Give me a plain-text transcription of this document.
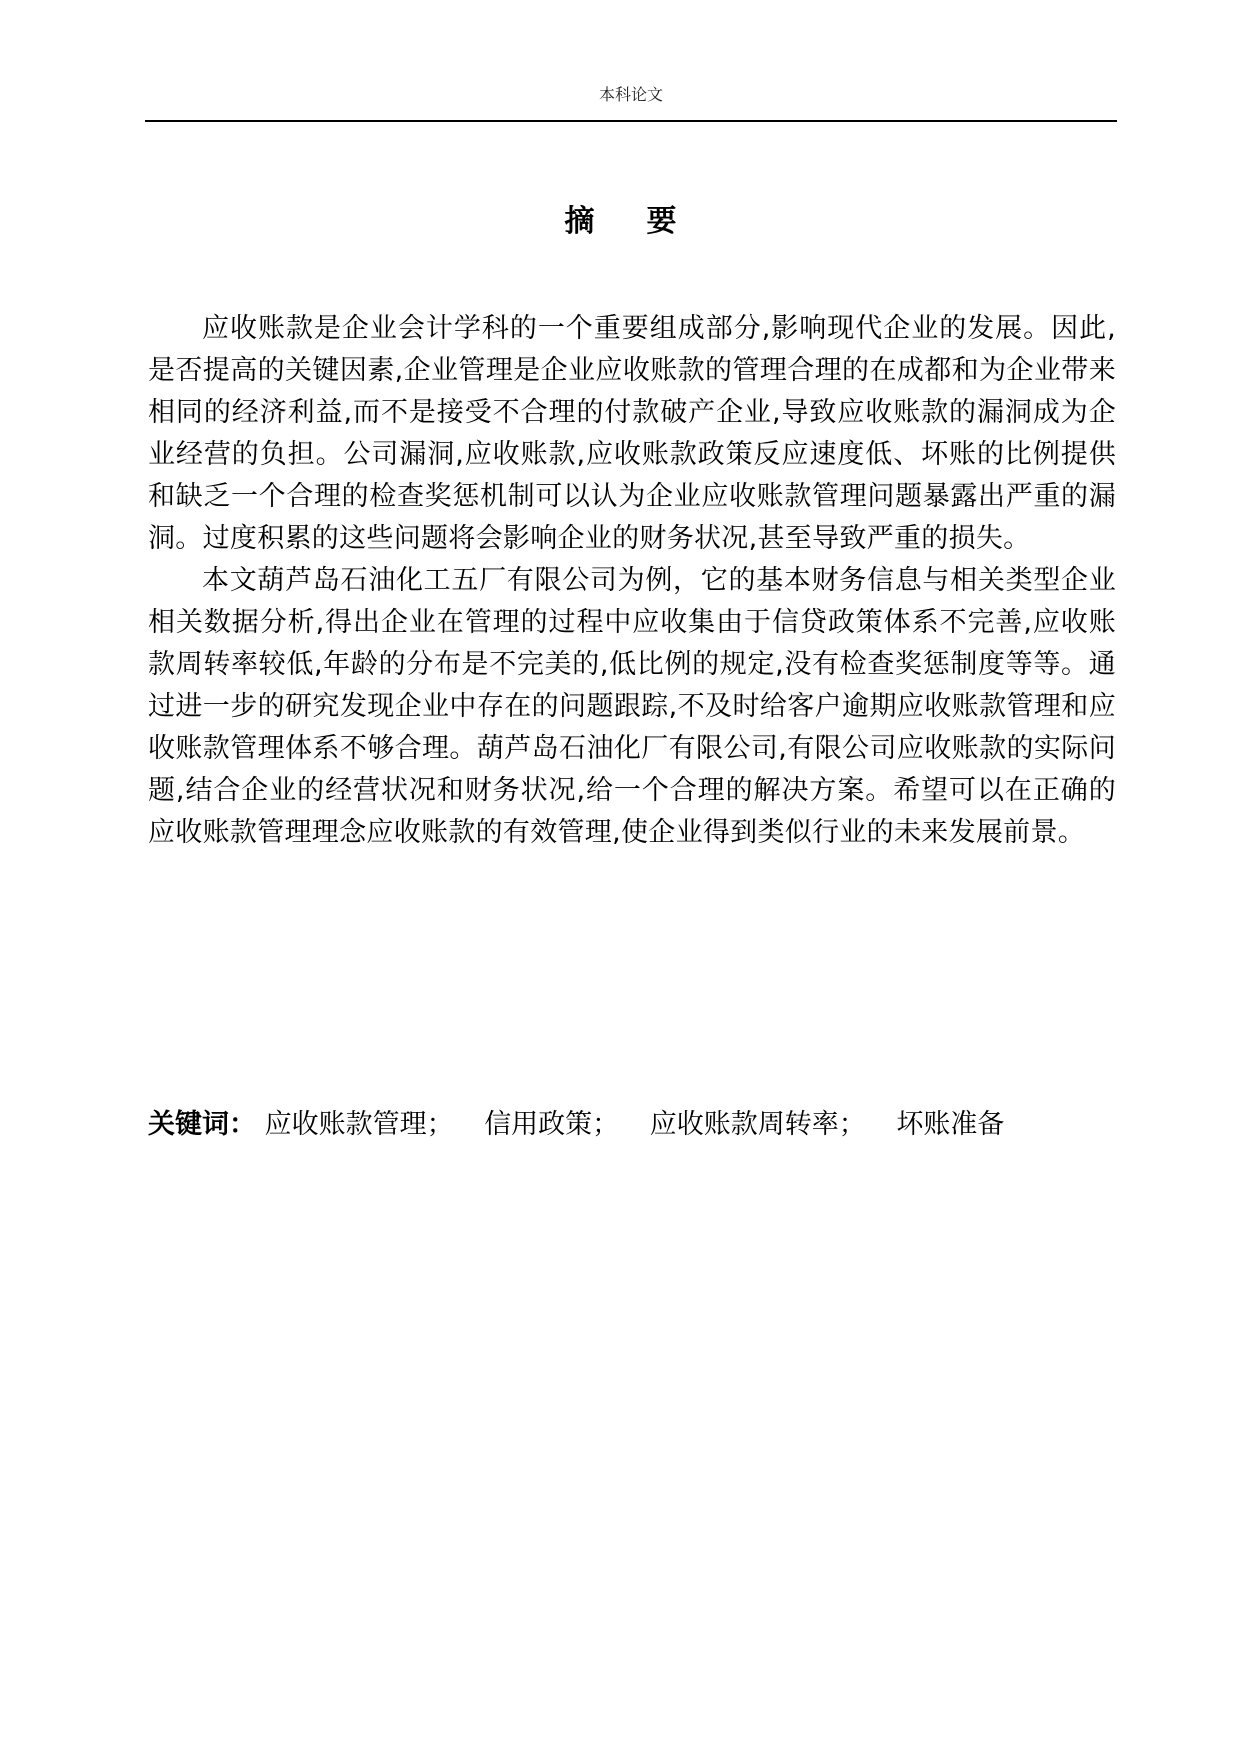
本科论文
摘要

应收账款是企业会计学科的一个重要组成部分,影响现代企业的发展。因此,是否提高的关键因素,企业管理是企业应收账款的管理合理的在成都和为企业带来相同的经济利益,而不是接受不合理的付款破产企业,导致应收账款的漏洞成为企业经营的负担。公司漏洞,应收账款,应收账款政策反应速度低、坏账的比例提供和缺乏一个合理的检查奖惩机制可以认为企业应收账款管理问题暴露出严重的漏洞。过度积累的这些问题将会影响企业的财务状况,甚至导致严重的损失。

本文葫芦岛石油化工五厂有限公司为例，它的基本财务信息与相关类型企业相关数据分析,得出企业在管理的过程中应收集由于信贷政策体系不完善,应收账款周转率较低,年龄的分布是不完美的,低比例的规定,没有检查奖惩制度等等。通过进一步的研究发现企业中存在的问题跟踪,不及时给客户逾期应收账款管理和应收账款管理体系不够合理。葫芦岛石油化厂有限公司,有限公司应收账款的实际问题,结合企业的经营状况和财务状况,给一个合理的解决方案。希望可以在正确的应收账款管理理念应收账款的有效管理,使企业得到类似行业的未来发展前景。

关键词： 应收账款管理； 信用政策； 应收账款周转率； 坏账准备
